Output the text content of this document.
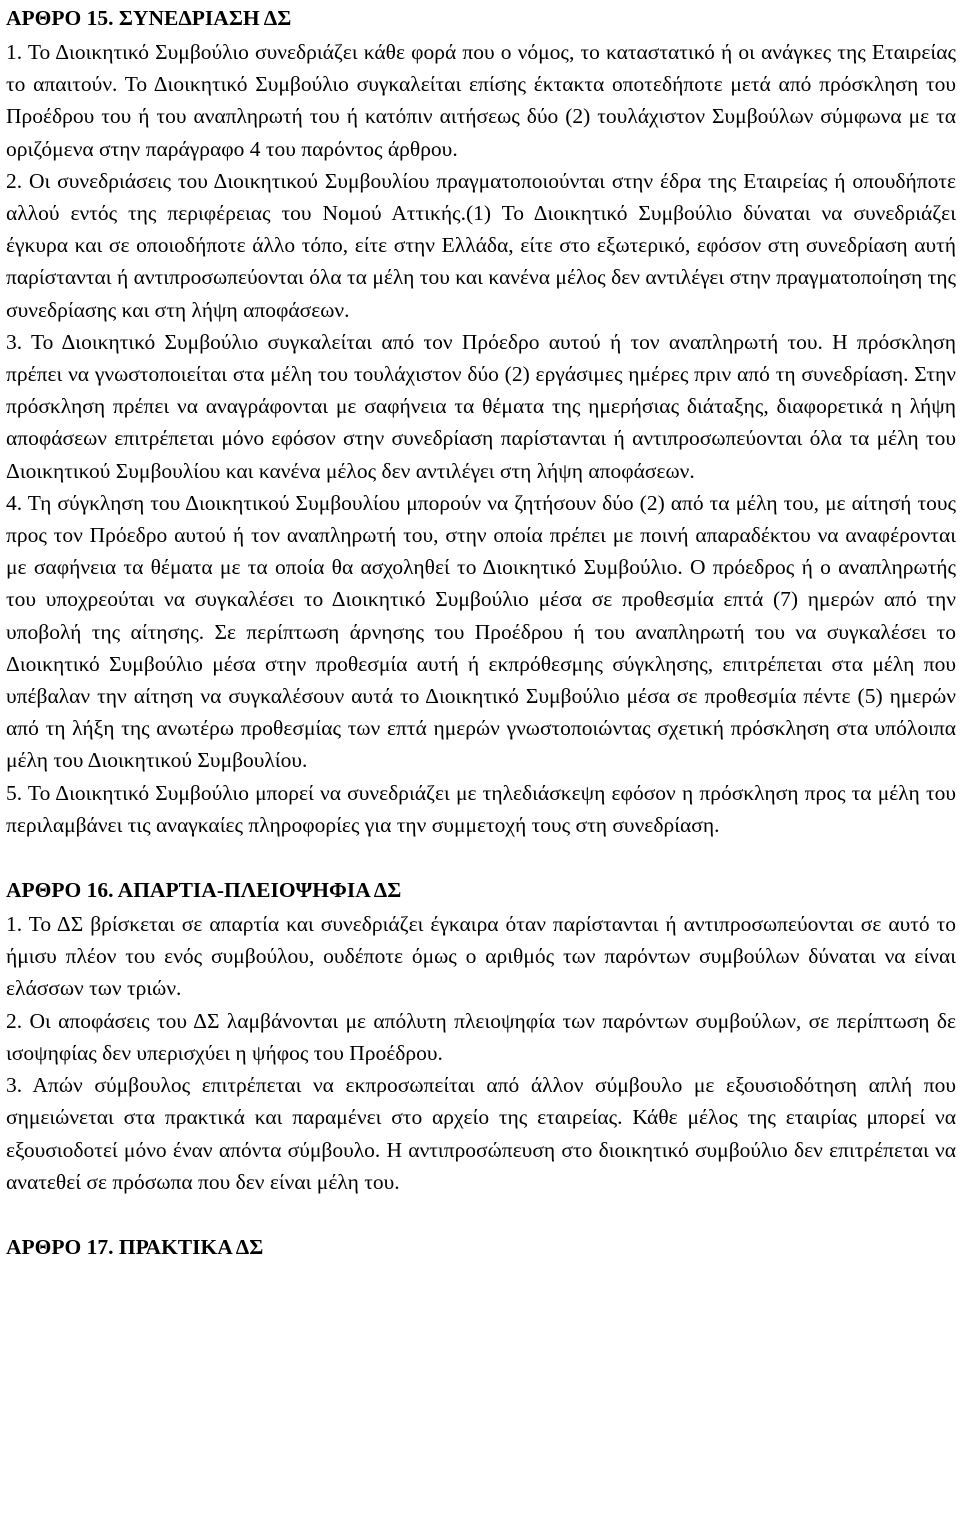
ΑΡΘΡΟ 15. ΣΥΝΕΔΡΙΑΣΗ ΔΣ

1. Το Διοικητικό Συμβούλιο συνεδριάζει κάθε φορά που ο νόμος, το καταστατικό ή οι ανάγκες της Εταιρείας το απαιτούν. Το Διοικητικό Συμβούλιο συγκαλείται επίσης έκτακτα οποτεδήποτε μετά από πρόσκληση του Προέδρου του ή του αναπληρωτή του ή κατόπιν αιτήσεως δύο (2) τουλάχιστον Συμβούλων σύμφωνα με τα οριζόμενα στην παράγραφο 4 του παρόντος άρθρου.

2. Οι συνεδριάσεις του Διοικητικού Συμβουλίου πραγματοποιούνται στην έδρα της Εταιρείας ή οπουδήποτε αλλού εντός της περιφέρειας του Νομού Αττικής.(1) Το Διοικητικό Συμβούλιο δύναται να συνεδριάζει έγκυρα και σε οποιοδήποτε άλλο τόπο, είτε στην Ελλάδα, είτε στο εξωτερικό, εφόσον στη συνεδρίαση αυτή παρίστανται ή αντιπροσωπεύονται όλα τα μέλη του και κανένα μέλος δεν αντιλέγει στην πραγματοποίηση της συνεδρίασης και στη λήψη αποφάσεων.

3. Το Διοικητικό Συμβούλιο συγκαλείται από τον Πρόεδρο αυτού ή τον αναπληρωτή του. Η πρόσκληση πρέπει να γνωστοποιείται στα μέλη του τουλάχιστον δύο (2) εργάσιμες ημέρες πριν από τη συνεδρίαση. Στην πρόσκληση πρέπει να αναγράφονται με σαφήνεια τα θέματα της ημερήσιας διάταξης, διαφορετικά η λήψη αποφάσεων επιτρέπεται μόνο εφόσον στην συνεδρίαση παρίστανται ή αντιπροσωπεύονται όλα τα μέλη του Διοικητικού Συμβουλίου και κανένα μέλος δεν αντιλέγει στη λήψη αποφάσεων.

4. Τη σύγκληση του Διοικητικού Συμβουλίου μπορούν να ζητήσουν δύο (2) από τα μέλη του, με αίτησή τους προς τον Πρόεδρο αυτού ή τον αναπληρωτή του, στην οποία πρέπει με ποινή απαραδέκτου να αναφέρονται με σαφήνεια τα θέματα με τα οποία θα ασχοληθεί το Διοικητικό Συμβούλιο. Ο πρόεδρος ή ο αναπληρωτής του υποχρεούται να συγκαλέσει το Διοικητικό Συμβούλιο μέσα σε προθεσμία επτά (7) ημερών από την υποβολή της αίτησης. Σε περίπτωση άρνησης του Προέδρου ή του αναπληρωτή του να συγκαλέσει το Διοικητικό Συμβούλιο μέσα στην προθεσμία αυτή ή εκπρόθεσμης σύγκλησης, επιτρέπεται στα μέλη που υπέβαλαν την αίτηση να συγκαλέσουν αυτά το Διοικητικό Συμβούλιο μέσα σε προθεσμία πέντε (5) ημερών από τη λήξη της ανωτέρω προθεσμίας των επτά ημερών γνωστοποιώντας σχετική πρόσκληση στα υπόλοιπα μέλη του Διοικητικού Συμβουλίου.

5. Το Διοικητικό Συμβούλιο μπορεί να συνεδριάζει με τηλεδιάσκεψη εφόσον η πρόσκληση προς τα μέλη του περιλαμβάνει τις αναγκαίες πληροφορίες για την συμμετοχή τους στη συνεδρίαση.

ΑΡΘΡΟ 16. ΑΠΑΡΤΙΑ-ΠΛΕΙΟΨΗΦΙΑ ΔΣ

1. Το ΔΣ βρίσκεται σε απαρτία και συνεδριάζει έγκαιρα όταν παρίστανται ή αντιπροσωπεύονται σε αυτό το ήμισυ πλέον του ενός συμβούλου, ουδέποτε όμως ο αριθμός των παρόντων συμβούλων δύναται να είναι ελάσσων των τριών.

2. Οι αποφάσεις του ΔΣ λαμβάνονται με απόλυτη πλειοψηφία των παρόντων συμβούλων, σε περίπτωση δε ισοψηφίας δεν υπερισχύει η ψήφος του Προέδρου.

3. Απών σύμβουλος επιτρέπεται να εκπροσωπείται από άλλον σύμβουλο με εξουσιοδότηση απλή που σημειώνεται στα πρακτικά και παραμένει στο αρχείο της εταιρείας. Κάθε μέλος της εταιρίας μπορεί να εξουσιοδοτεί μόνο έναν απόντα σύμβουλο. Η αντιπροσώπευση στο διοικητικό συμβούλιο δεν επιτρέπεται να ανατεθεί σε πρόσωπα που δεν είναι μέλη του.

ΑΡΘΡΟ 17. ΠΡΑΚΤΙΚΑ ΔΣ
